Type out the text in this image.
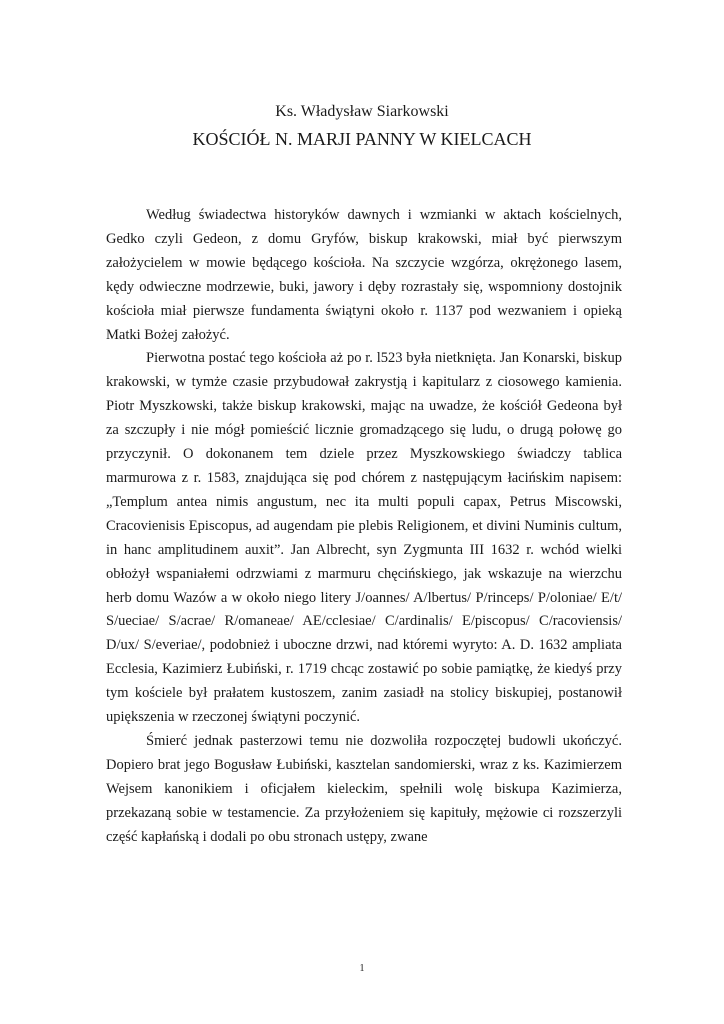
Ks. Władysław Siarkowski

KOŚCIÓŁ N. MARJI PANNY W KIELCACH

Według świadectwa historyków dawnych i wzmianki w aktach kościelnych, Gedko czyli Gedeon, z domu Gryfów, biskup krakowski, miał być pierwszym założycielem w mowie będącego kościoła. Na szczycie wzgórza, okrężonego lasem, kędy odwieczne modrzewie, buki, jawory i dęby rozrastały się, wspomniony dostojnik kościoła miał pierwsze fundamenta świątyni około r. 1137 pod wezwaniem i opieką Matki Bożej założyć.

Pierwotna postać tego kościoła aż po r. l523 była nietknięta. Jan Konarski, biskup krakowski, w tymże czasie przybudował zakrystją i kapitularz z ciosowego kamienia. Piotr Myszkowski, także biskup krakowski, mając na uwadze, że kościół Gedeona był za szczupły i nie mógł pomieścić licznie gromadzącego się ludu, o drugą połowę go przyczynił. O dokonanem tem dziele przez Myszkowskiego świadczy tablica marmurowa z r. 1583, znajdująca się pod chórem z następującym łacińskim napisem: „Templum antea nimis angustum, nec ita multi populi capax, Petrus Miscowski, Cracovienisis Episcopus, ad augendam pie plebis Religionem, et divini Numinis cultum, in hanc amplitudinem auxit”. Jan Albrecht, syn Zygmunta III 1632 r. wchód wielki obłożył wspaniałemi odrzwiami z marmuru chęcińskiego, jak wskazuje na wierzchu herb domu Wazów a w około niego litery J/oannes/ A/lbertus/ P/rinceps/ P/oloniae/ E/t/ S/ueciae/ S/acrae/ R/omaneae/ AE/cclesiae/ C/ardinalis/ E/piscopus/ C/racoviensis/ D/ux/ S/everiae/, podobnież i uboczne drzwi, nad któremi wyryto: A. D. 1632 ampliata Ecclesia, Kazimierz Łubiński, r. 1719 chcąc zostawić po sobie pamiątkę, że kiedyś przy tym kościele był prałatem kustoszem, zanim zasiadł na stolicy biskupiej, postanowił upiększenia w rzeczonej świątyni poczynić.

Śmierć jednak pasterzowi temu nie dozwoliła rozpoczętej budowli ukończyć. Dopiero brat jego Bogusław Łubiński, kasztelan sandomierski, wraz z ks. Kazimierzem Wejsem kanonikiem i oficjałem kieleckim, spełnili wolę biskupa Kazimierza, przekazaną sobie w testamencie. Za przyłożeniem się kapituły, mężowie ci rozszerzyli część kapłańską i dodali po obu stronach ustępy, zwane

1
